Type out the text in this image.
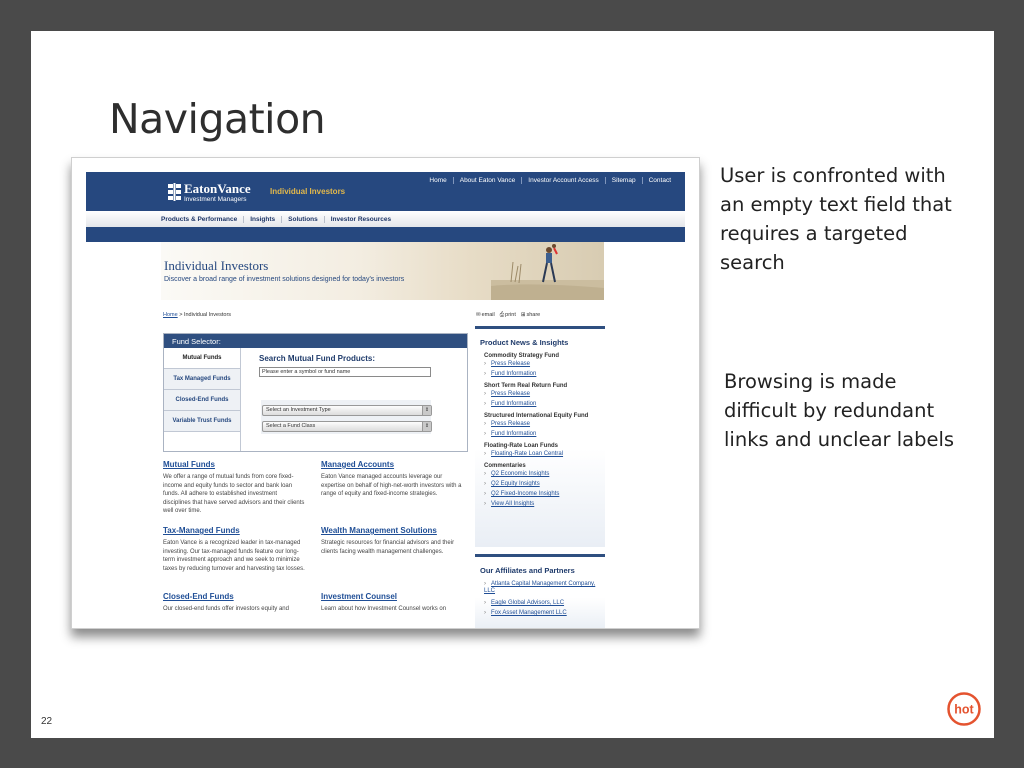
Navigation
EatonVance
Investment Managers
Individual Investors
Home	About Eaton Vance	Investor Account Access	Sitemap	Contact
Products & Performance	Insights	Solutions	Investor Resources
Individual Investors
Discover a broad range of investment solutions designed for today's investors
Home > Individual Investors	✉email ⎙print ⊞share
Fund Selector:
Mutual Funds
Tax Managed Funds
Closed-End Funds
Variable Trust Funds
Search Mutual Fund Products:
Please enter a symbol or fund name
Select an Investment Type	⇕
Select a Fund Class	⇕
Mutual Funds

We offer a range of mutual funds from core fixed-income and equity funds to sector and bank loan funds. All adhere to established investment disciplines that have served advisors and their clients well over time.

Managed Accounts

Eaton Vance managed accounts leverage our expertise on behalf of high-net-worth investors with a range of equity and fixed-income strategies.

Tax-Managed Funds

Eaton Vance is a recognized leader in tax-managed investing. Our tax-managed funds feature our long-term investment approach and we seek to minimize taxes by reducing turnover and harvesting tax losses.

Wealth Management Solutions

Strategic resources for financial advisors and their clients facing wealth management challenges.

Closed-End Funds

Our closed-end funds offer investors equity and

Investment Counsel

Learn about how Investment Counsel works on

Product News & Insights
Commodity Strategy Fund
› Press Release
› Fund Information
Short Term Real Return Fund
› Press Release
› Fund Information
Structured International Equity Fund
› Press Release
› Fund Information
Floating-Rate Loan Funds
› Floating-Rate Loan Central
Commentaries
› Q2 Economic Insights
› Q2 Equity Insights
› Q2 Fixed-Income Insights
› View All Insights
Our Affiliates and Partners
› Atlanta Capital Management Company, LLC
› Eagle Global Advisors, LLC
› Fox Asset Management LLC
User is confronted with an empty text field that requires a targeted search
Browsing is made difficult by redundant links and unclear labels
22
hot
